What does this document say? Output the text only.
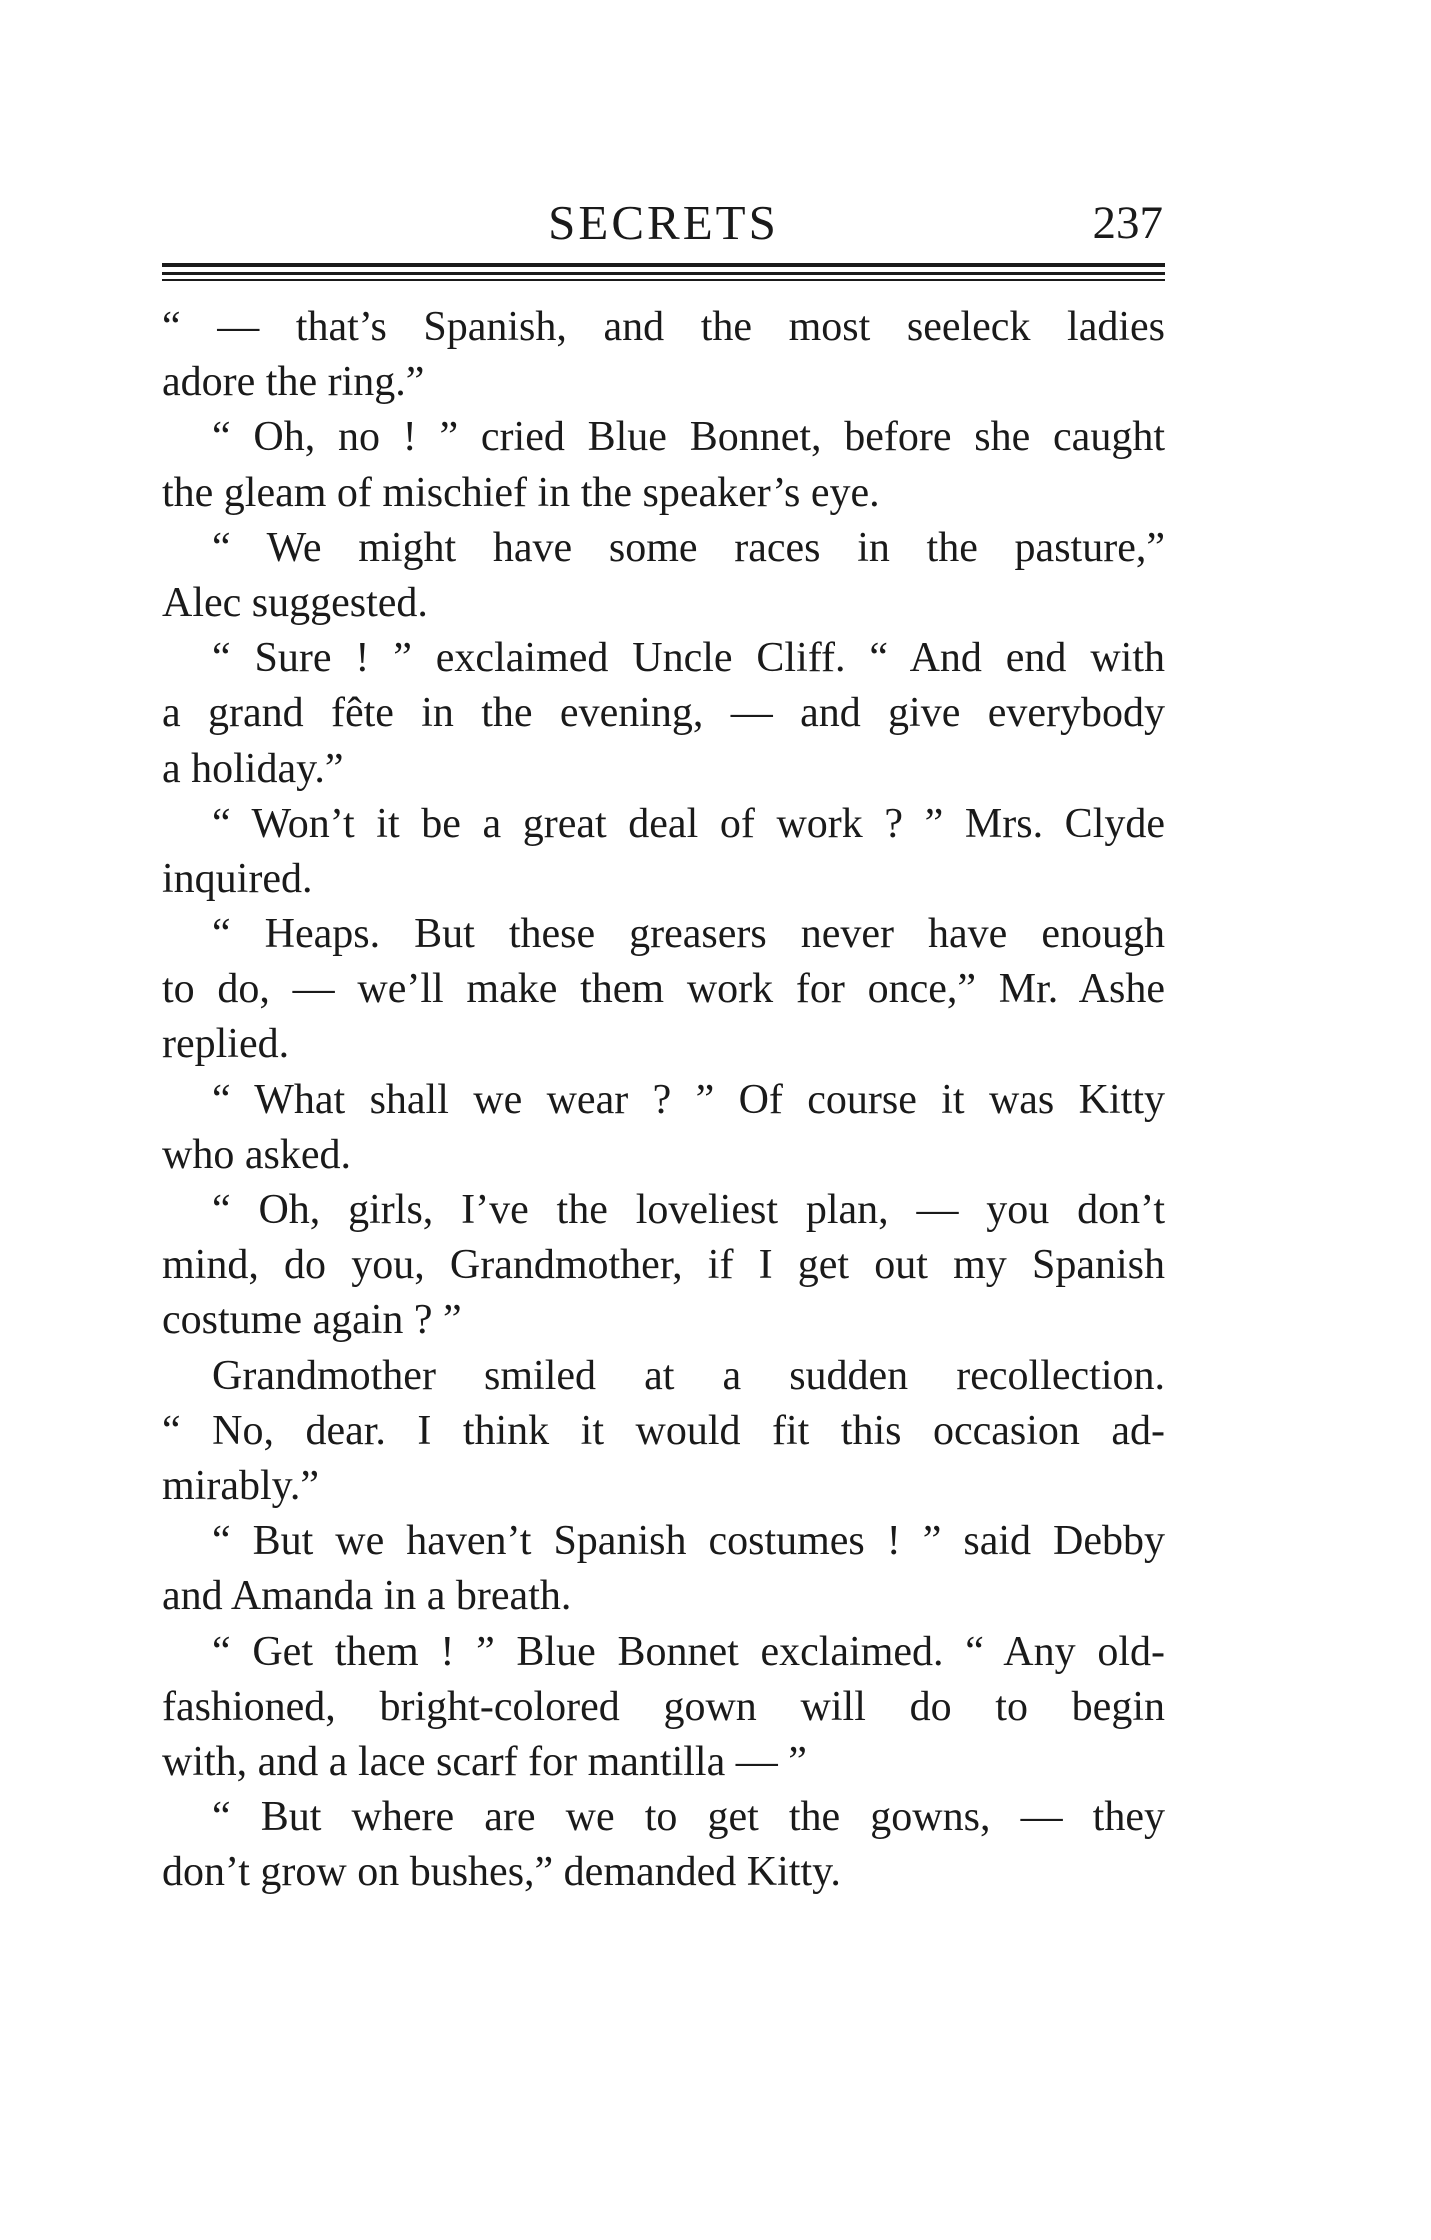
SECRETS	237
“ — that’s Spanish, and the most seeleck ladies
adore the ring.”
“ Oh, no ! ” cried Blue Bonnet, before she caught
the gleam of mischief in the speaker’s eye.
“ We might have some races in the pasture,”
Alec suggested.
“ Sure ! ” exclaimed Uncle Cliff. “ And end with
a grand fête in the evening, — and give everybody
a holiday.”
“ Won’t it be a great deal of work ? ” Mrs. Clyde
inquired.
“ Heaps. But these greasers never have enough
to do, — we’ll make them work for once,” Mr. Ashe
replied.
“ What shall we wear ? ” Of course it was Kitty
who asked.
“ Oh, girls, I’ve the loveliest plan, — you don’t
mind, do you, Grandmother, if I get out my Spanish
costume again ? ”
Grandmother smiled at a sudden recollection.
“ No, dear. I think it would fit this occasion ad-
mirably.”
“ But we haven’t Spanish costumes ! ” said Debby
and Amanda in a breath.
“ Get them ! ” Blue Bonnet exclaimed. “ Any old-
fashioned, bright-colored gown will do to begin
with, and a lace scarf for mantilla — ”
“ But where are we to get the gowns, — they
don’t grow on bushes,” demanded Kitty.
